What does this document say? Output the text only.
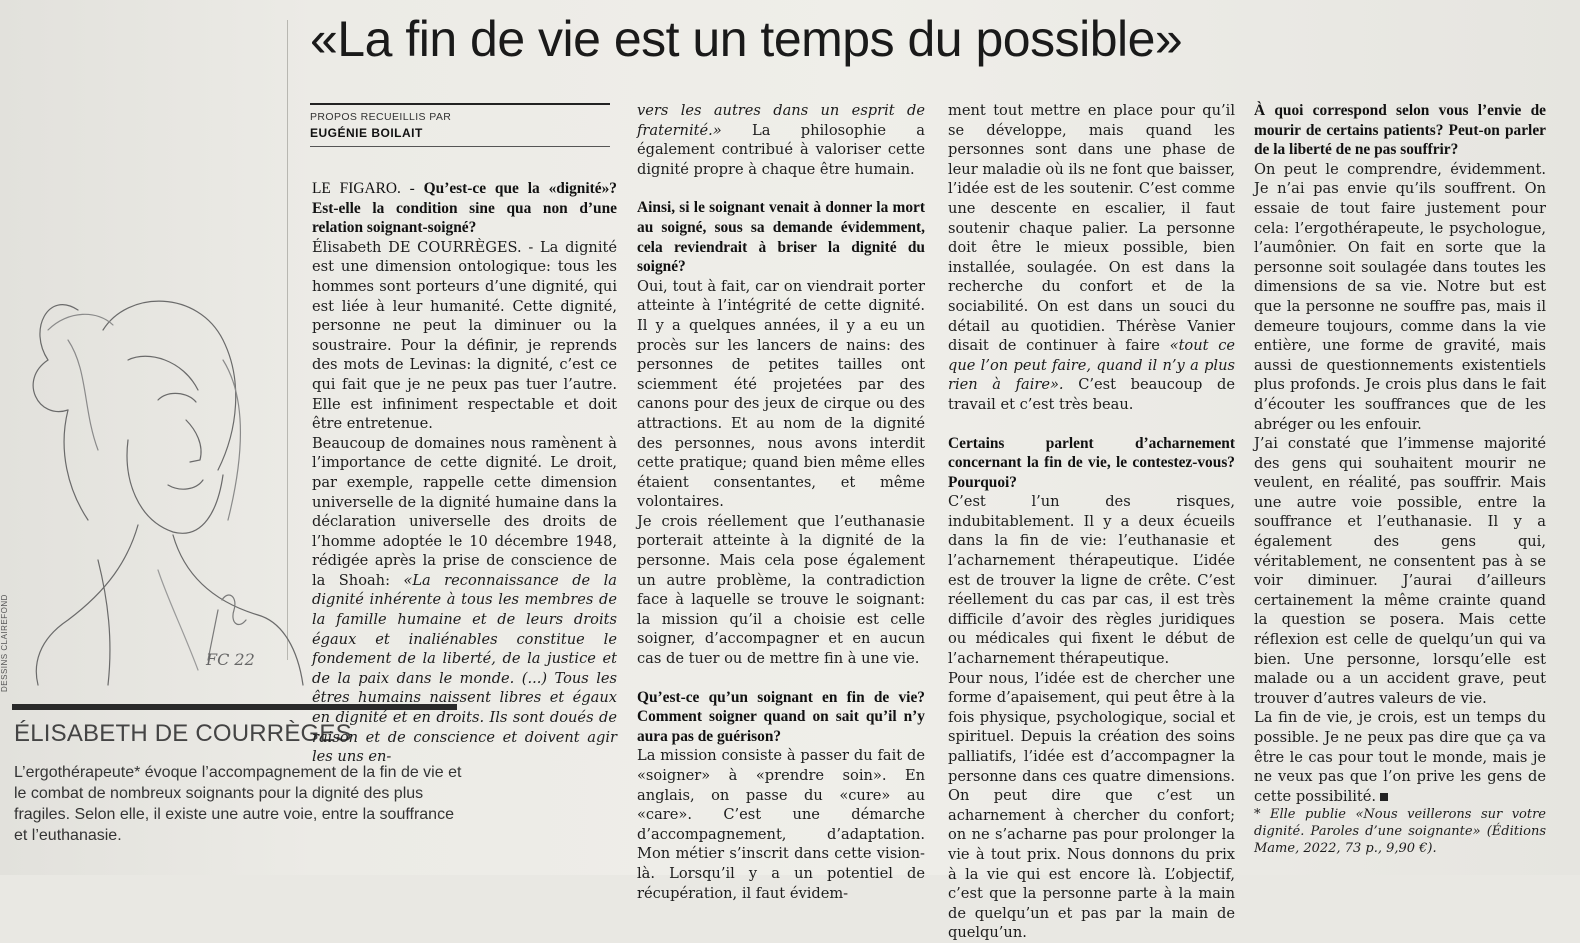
«La fin de vie est un temps du possible»
PROPOS RECUEILLIS PAR
EUGÉNIE BOILAIT
FC 22
DESSINS CLAIREFOND
ÉLISABETH DE COURRÈGES
L’ergothérapeute* évoque l’accompagnement de la fin de vie et le combat de nombreux soignants pour la dignité des plus fragiles. Selon elle, il existe une autre voie, entre la souffrance et l’euthanasie.

LE FIGARO. - Qu’est-ce que la «dignité»? Est-elle la condition sine qua non d’une relation soignant-soigné?

Élisabeth DE COURRÈGES. - La dignité est une dimension ontologique: tous les hommes sont porteurs d’une dignité, qui est liée à leur humanité. Cette dignité, personne ne peut la diminuer ou la soustraire. Pour la définir, je reprends des mots de Levinas: la dignité, c’est ce qui fait que je ne peux pas tuer l’autre. Elle est infiniment respectable et doit être entretenue.

Beaucoup de domaines nous ramènent à l’importance de cette dignité. Le droit, par exemple, rappelle cette dimension universelle de la dignité humaine dans la déclaration universelle des droits de l’homme adoptée le 10 décembre 1948, rédigée après la prise de conscience de la Shoah: «La reconnaissance de la dignité inhérente à tous les membres de la famille humaine et de leurs droits égaux et inaliénables constitue le fondement de la liberté, de la justice et de la paix dans le monde. (...) Tous les êtres humains naissent libres et égaux en dignité et en droits. Ils sont doués de raison et de conscience et doivent agir les uns en-

vers les autres dans un esprit de fraternité.» La philosophie a également contribué à valoriser cette dignité propre à chaque être humain.

Ainsi, si le soignant venait à donner la mort au soigné, sous sa demande évidemment, cela reviendrait à briser la dignité du soigné?

Oui, tout à fait, car on viendrait porter atteinte à l’intégrité de cette dignité. Il y a quelques années, il y a eu un procès sur les lancers de nains: des personnes de petites tailles ont sciemment été projetées par des canons pour des jeux de cirque ou des attractions. Et au nom de la dignité des personnes, nous avons interdit cette pratique; quand bien même elles étaient consentantes, et même volontaires.

Je crois réellement que l’euthanasie porterait atteinte à la dignité de la personne. Mais cela pose également un autre problème, la contradiction face à laquelle se trouve le soignant: la mission qu’il a choisie est celle soigner, d’accompagner et en aucun cas de tuer ou de mettre fin à une vie.

Qu’est-ce qu’un soignant en fin de vie? Comment soigner quand on sait qu’il n’y aura pas de guérison?

La mission consiste à passer du fait de «soigner» à «prendre soin». En anglais, on passe du «cure» au «care». C’est une démarche d’accompagnement, d’adaptation. Mon métier s’inscrit dans cette vision-là. Lorsqu’il y a un potentiel de récupération, il faut évidem-

ment tout mettre en place pour qu’il se développe, mais quand les personnes sont dans une phase de leur maladie où ils ne font que baisser, l’idée est de les soutenir. C’est comme une descente en escalier, il faut soutenir chaque palier. La personne doit être le mieux possible, bien installée, soulagée. On est dans la recherche du confort et de la sociabilité. On est dans un souci du détail au quotidien. Thérèse Vanier disait de continuer à faire «tout ce que l’on peut faire, quand il n’y a plus rien à faire». C’est beaucoup de travail et c’est très beau.

Certains parlent d’acharnement concernant la fin de vie, le contestez-vous? Pourquoi?

C’est l’un des risques, indubitablement. Il y a deux écueils dans la fin de vie: l’euthanasie et l’acharnement thérapeutique. L’idée est de trouver la ligne de crête. C’est réellement du cas par cas, il est très difficile d’avoir des règles juridiques ou médicales qui fixent le début de l’acharnement thérapeutique.

Pour nous, l’idée est de chercher une forme d’apaisement, qui peut être à la fois physique, psychologique, social et spirituel. Depuis la création des soins palliatifs, l’idée est d’accompagner la personne dans ces quatre dimensions. On peut dire que c’est un acharnement à chercher du confort; on ne s’acharne pas pour prolonger la vie à tout prix. Nous donnons du prix à la vie qui est encore là. L’objectif, c’est que la personne parte à la main de quelqu’un et pas par la main de quelqu’un.

À quoi correspond selon vous l’envie de mourir de certains patients? Peut-on parler de la liberté de ne pas souffrir?

On peut le comprendre, évidemment. Je n’ai pas envie qu’ils souffrent. On essaie de tout faire justement pour cela: l’ergothérapeute, le psychologue, l’aumônier. On fait en sorte que la personne soit soulagée dans toutes les dimensions de sa vie. Notre but est que la personne ne souffre pas, mais il demeure toujours, comme dans la vie entière, une forme de gravité, mais aussi de questionnements existentiels plus profonds. Je crois plus dans le fait d’écouter les souffrances que de les abréger ou les enfouir.

J’ai constaté que l’immense majorité des gens qui souhaitent mourir ne veulent, en réalité, pas souffrir. Mais une autre voie possible, entre la souffrance et l’euthanasie. Il y a également des gens qui, véritablement, ne consentent pas à se voir diminuer. J’aurai d’ailleurs certainement la même crainte quand la question se posera. Mais cette réflexion est celle de quelqu’un qui va bien. Une personne, lorsqu’elle est malade ou a un accident grave, peut trouver d’autres valeurs de vie.

La fin de vie, je crois, est un temps du possible. Je ne peux pas dire que ça va être le cas pour tout le monde, mais je ne veux pas que l’on prive les gens de cette possibilité.

* Elle publie «Nous veillerons sur votre dignité. Paroles d’une soignante» (Éditions Mame, 2022, 73 p., 9,90 €).
